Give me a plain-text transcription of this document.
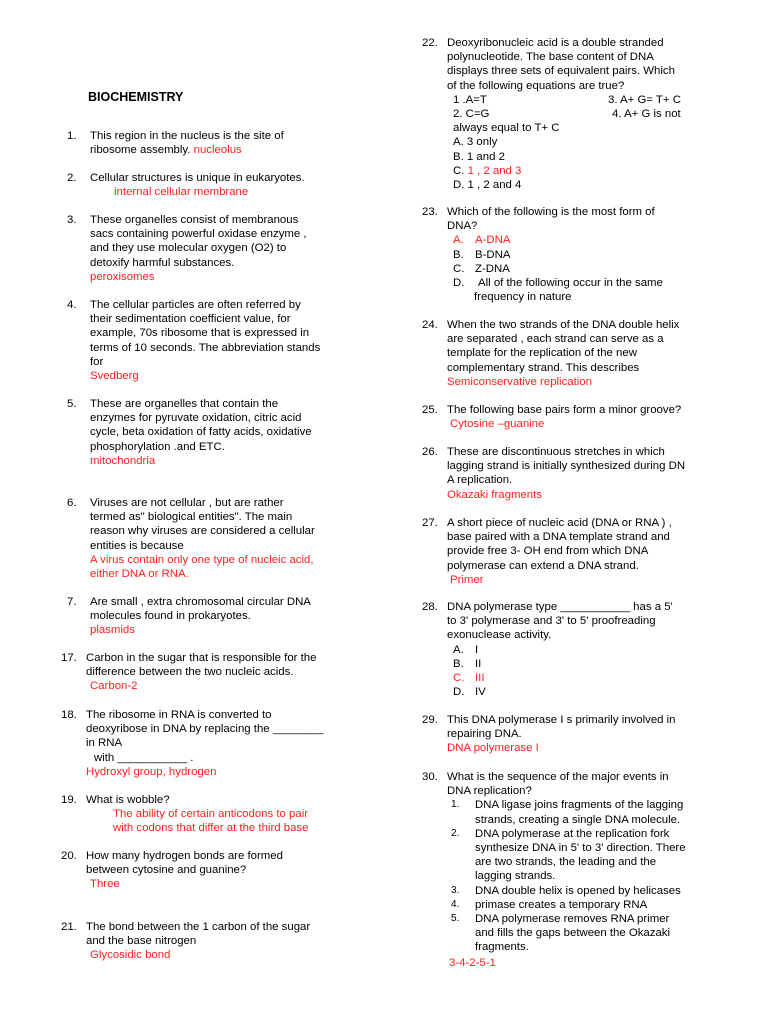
BIOCHEMISTRY
1. This region in the nucleus is the site of
ribosome assembly. nucleolus
2. Cellular structures is unique in eukaryotes.
internal cellular membrane
3. These organelles consist of membranous
sacs containing powerful oxidase enzyme ,
and they use molecular oxygen (O2) to
detoxify harmful substances.
peroxisomes
4. The cellular particles are often referred by
their sedimentation coefficient value, for
example, 70s ribosome that is expressed in
terms of 10 seconds. The abbreviation stands
for
Svedberg
5. These are organelles that contain the
enzymes for pyruvate oxidation, citric acid
cycle, beta oxidation of fatty acids, oxidative
phosphorylation .and ETC.
mitochondria
6. Viruses are not cellular , but are rather
termed as" biological entities". The main
reason why viruses are considered a cellular
entities is because
A virus contain only one type of nucleic acid,
either DNA or RNA.
7. Are small , extra chromosomal circular DNA
molecules found in prokaryotes.
plasmids
17. Carbon in the sugar that is responsible for the
difference between the two nucleic acids.
Carbon-2
18. The ribosome in RNA is converted to
deoxyribose in DNA by replacing the ________
in RNA
with ___________ .
Hydroxyl group, hydrogen
19. What is wobble?
The ability of certain anticodons to pair
with codons that differ at the third base
20. How many hydrogen bonds are formed
between cytosine and guanine?
Three
21. The bond between the 1 carbon of the sugar
and the base nitrogen
Glycosidic bond
22. Deoxyribonucleic acid is a double stranded
polynucleotide. The base content of DNA
displays three sets of equivalent pairs. Which
of the following equations are true?
1 .A=T	3. A+ G= T+ C
2. C=G	4. A+ G is not
always equal to T+ C
A. 3 only
B. 1 and 2
C. 1 , 2 and 3
D. 1 , 2 and 4
23. Which of the following is the most form of
DNA?
A. A-DNA
B. B-DNA
C. Z-DNA
D. All of the following occur in the same
frequency in nature
24. When the two strands of the DNA double helix
are separated , each strand can serve as a
template for the replication of the new
complementary strand. This describes
Semiconservative replication
25. The following base pairs form a minor groove?
Cytosine –guanine
26. These are discontinuous stretches in which
lagging strand is initially synthesized during DN
A replication.
Okazaki fragments
27. A short piece of nucleic acid (DNA or RNA ) ,
base paired with a DNA template strand and
provide free 3- OH end from which DNA
polymerase can extend a DNA strand.
Primer
28. DNA polymerase type ___________ has a 5'
to 3' polymerase and 3' to 5' proofreading
exonuclease activity.
A. I
B. II
C. III
D. IV
29. This DNA polymerase I s primarily involved in
repairing DNA.
DNA polymerase I
30. What is the sequence of the major events in
DNA replication?
1. DNA ligase joins fragments of the lagging
strands, creating a single DNA molecule.
2. DNA polymerase at the replication fork
synthesize DNA in 5' to 3' direction. There
are two strands, the leading and the
lagging strands.
3. DNA double helix is opened by helicases
4. primase creates a temporary RNA
5. DNA polymerase removes RNA primer
and fills the gaps between the Okazaki
fragments.
3-4-2-5-1
